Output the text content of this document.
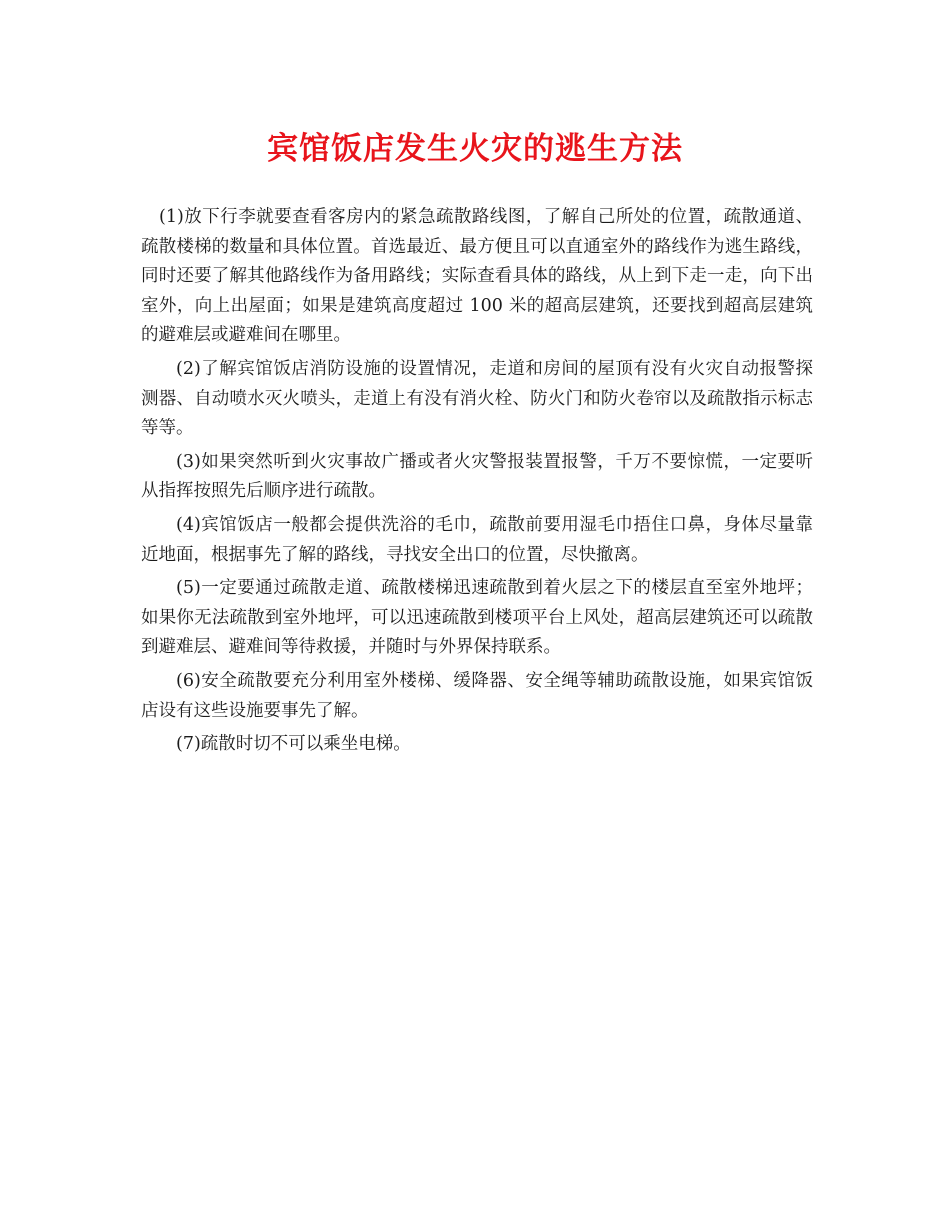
宾馆饭店发生火灾的逃生方法

(1)放下行李就要查看客房内的紧急疏散路线图，了解自己所处的位置，疏散通道、疏散楼梯的数量和具体位置。首选最近、最方便且可以直通室外的路线作为逃生路线，同时还要了解其他路线作为备用路线；实际查看具体的路线，从上到下走一走，向下出室外，向上出屋面；如果是建筑高度超过 100 米的超高层建筑，还要找到超高层建筑的避难层或避难间在哪里。

(2)了解宾馆饭店消防设施的设置情况，走道和房间的屋顶有没有火灾自动报警探测器、自动喷水灭火喷头，走道上有没有消火栓、防火门和防火卷帘以及疏散指示标志等等。

(3)如果突然听到火灾事故广播或者火灾警报装置报警，千万不要惊慌，一定要听从指挥按照先后顺序进行疏散。

(4)宾馆饭店一般都会提供洗浴的毛巾，疏散前要用湿毛巾捂住口鼻，身体尽量靠近地面，根据事先了解的路线，寻找安全出口的位置，尽快撤离。

(5)一定要通过疏散走道、疏散楼梯迅速疏散到着火层之下的楼层直至室外地坪；如果你无法疏散到室外地坪，可以迅速疏散到楼项平台上风处，超高层建筑还可以疏散到避难层、避难间等待救援，并随时与外界保持联系。

(6)安全疏散要充分利用室外楼梯、缓降器、安全绳等辅助疏散设施，如果宾馆饭店设有这些设施要事先了解。

(7)疏散时切不可以乘坐电梯。
